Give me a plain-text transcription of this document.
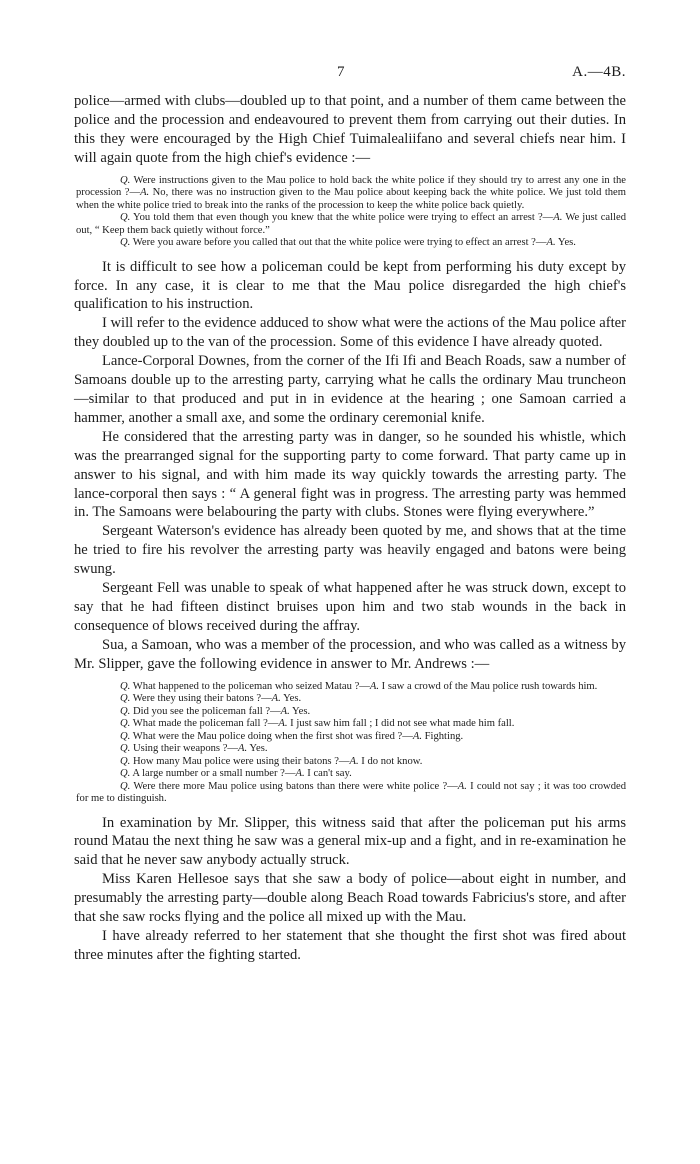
7	A.—4B.

police—armed with clubs—doubled up to that point, and a number of them came between the police and the procession and endeavoured to prevent them from carrying out their duties. In this they were encouraged by the High Chief Tuimalealiifano and several chiefs near him. I will again quote from the high chief's evidence :—

Q. Were instructions given to the Mau police to hold back the white police if they should try to arrest any one in the procession ?—A. No, there was no instruction given to the Mau police about keeping back the white police. We just told them when the white police tried to break into the ranks of the procession to keep the white police back quietly.

Q. You told them that even though you knew that the white police were trying to effect an arrest ?—A. We just called out, “ Keep them back quietly without force.”

Q. Were you aware before you called that out that the white police were trying to effect an arrest ?—A. Yes.

It is difficult to see how a policeman could be kept from performing his duty except by force. In any case, it is clear to me that the Mau police disregarded the high chief's qualification to his instruction.

I will refer to the evidence adduced to show what were the actions of the Mau police after they doubled up to the van of the procession. Some of this evidence I have already quoted.

Lance-Corporal Downes, from the corner of the Ifi Ifi and Beach Roads, saw a number of Samoans double up to the arresting party, carrying what he calls the ordinary Mau truncheon—similar to that produced and put in in evidence at the hearing ; one Samoan carried a hammer, another a small axe, and some the ordinary ceremonial knife.

He considered that the arresting party was in danger, so he sounded his whistle, which was the prearranged signal for the supporting party to come forward. That party came up in answer to his signal, and with him made its way quickly towards the arresting party. The lance-corporal then says : “ A general fight was in progress. The arresting party was hemmed in. The Samoans were belabouring the party with clubs. Stones were flying everywhere.”

Sergeant Waterson's evidence has already been quoted by me, and shows that at the time he tried to fire his revolver the arresting party was heavily engaged and batons were being swung.

Sergeant Fell was unable to speak of what happened after he was struck down, except to say that he had fifteen distinct bruises upon him and two stab wounds in the back in consequence of blows received during the affray.

Sua, a Samoan, who was a member of the procession, and who was called as a witness by Mr. Slipper, gave the following evidence in answer to Mr. Andrews :—

Q. What happened to the policeman who seized Matau ?—A. I saw a crowd of the Mau police rush towards him.

Q. Were they using their batons ?—A. Yes.

Q. Did you see the policeman fall ?—A. Yes.

Q. What made the policeman fall ?—A. I just saw him fall ; I did not see what made him fall.

Q. What were the Mau police doing when the first shot was fired ?—A. Fighting.

Q. Using their weapons ?—A. Yes.

Q. How many Mau police were using their batons ?—A. I do not know.

Q. A large number or a small number ?—A. I can't say.

Q. Were there more Mau police using batons than there were white police ?—A. I could not say ; it was too crowded for me to distinguish.

In examination by Mr. Slipper, this witness said that after the policeman put his arms round Matau the next thing he saw was a general mix-up and a fight, and in re-examination he said that he never saw anybody actually struck.

Miss Karen Hellesoe says that she saw a body of police—about eight in number, and presumably the arresting party—double along Beach Road towards Fabricius's store, and after that she saw rocks flying and the police all mixed up with the Mau.

I have already referred to her statement that she thought the first shot was fired about three minutes after the fighting started.
